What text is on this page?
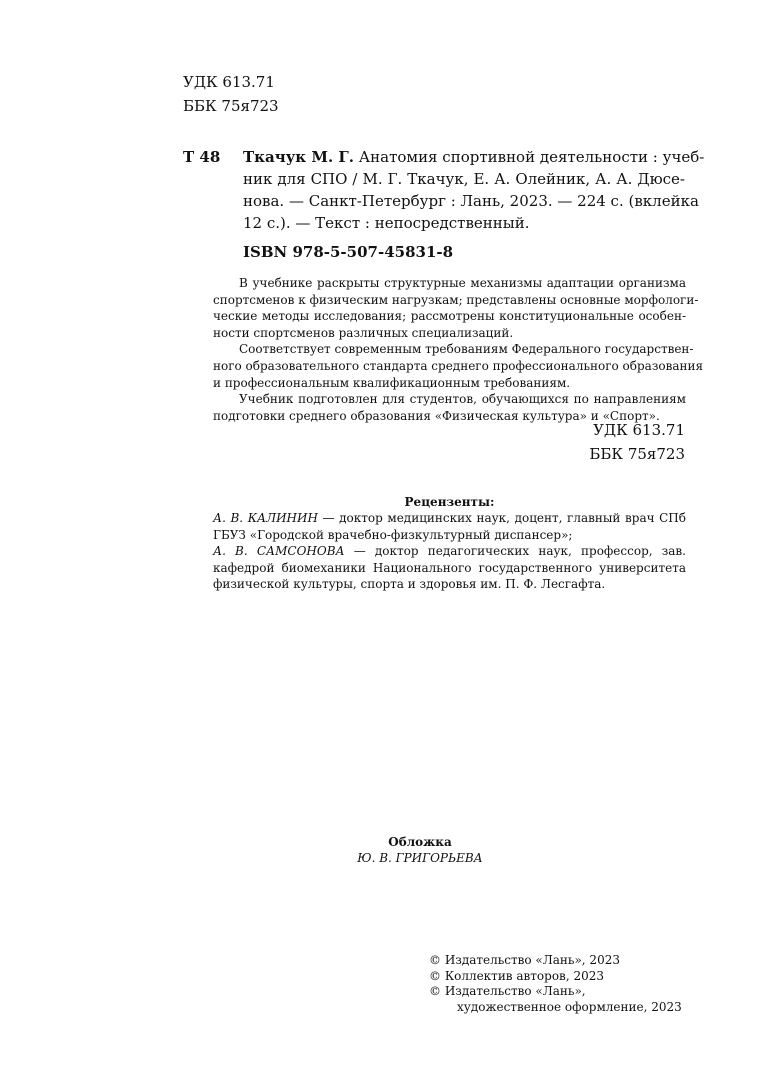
УДК 613.71
ББК 75я723
Т 48 Ткачук М. Г. Анатомия спортивной деятельности : учеб-
ник для СПО / М. Г. Ткачук, Е. А. Олейник, А. А. Дюсе-
нова. — Санкт-Петербург : Лань, 2023. — 224 с. (вклейка
12 с.). — Текст : непосредственный.
ISBN 978-5-507-45831-8
В учебнике раскрыты структурные механизмы адаптации организма
спортсменов к физическим нагрузкам; представлены основные морфологи-
ческие методы исследования; рассмотрены конституциональные особен-
ности спортсменов различных специализаций.
Соответствует современным требованиям Федерального государствен-
ного образовательного стандарта среднего профессионального образования
и профессиональным квалификационным требованиям.
Учебник подготовлен для студентов, обучающихся по направлениям
подготовки среднего образования «Физическая культура» и «Спорт».
УДК 613.71
ББК 75я723
Рецензенты:
А. В. КАЛИНИН — доктор медицинских наук, доцент, главный врач СПб
ГБУЗ «Городской врачебно-физкультурный диспансер»;
А. В. САМСОНОВА — доктор педагогических наук, профессор, зав.
кафедрой биомеханики Национального государственного университета
физической культуры, спорта и здоровья им. П. Ф. Лесгафта.
Обложка
Ю. В. ГРИГОРЬЕВА
© Издательство «Лань», 2023
© Коллектив авторов, 2023
© Издательство «Лань»,
художественное оформление, 2023
